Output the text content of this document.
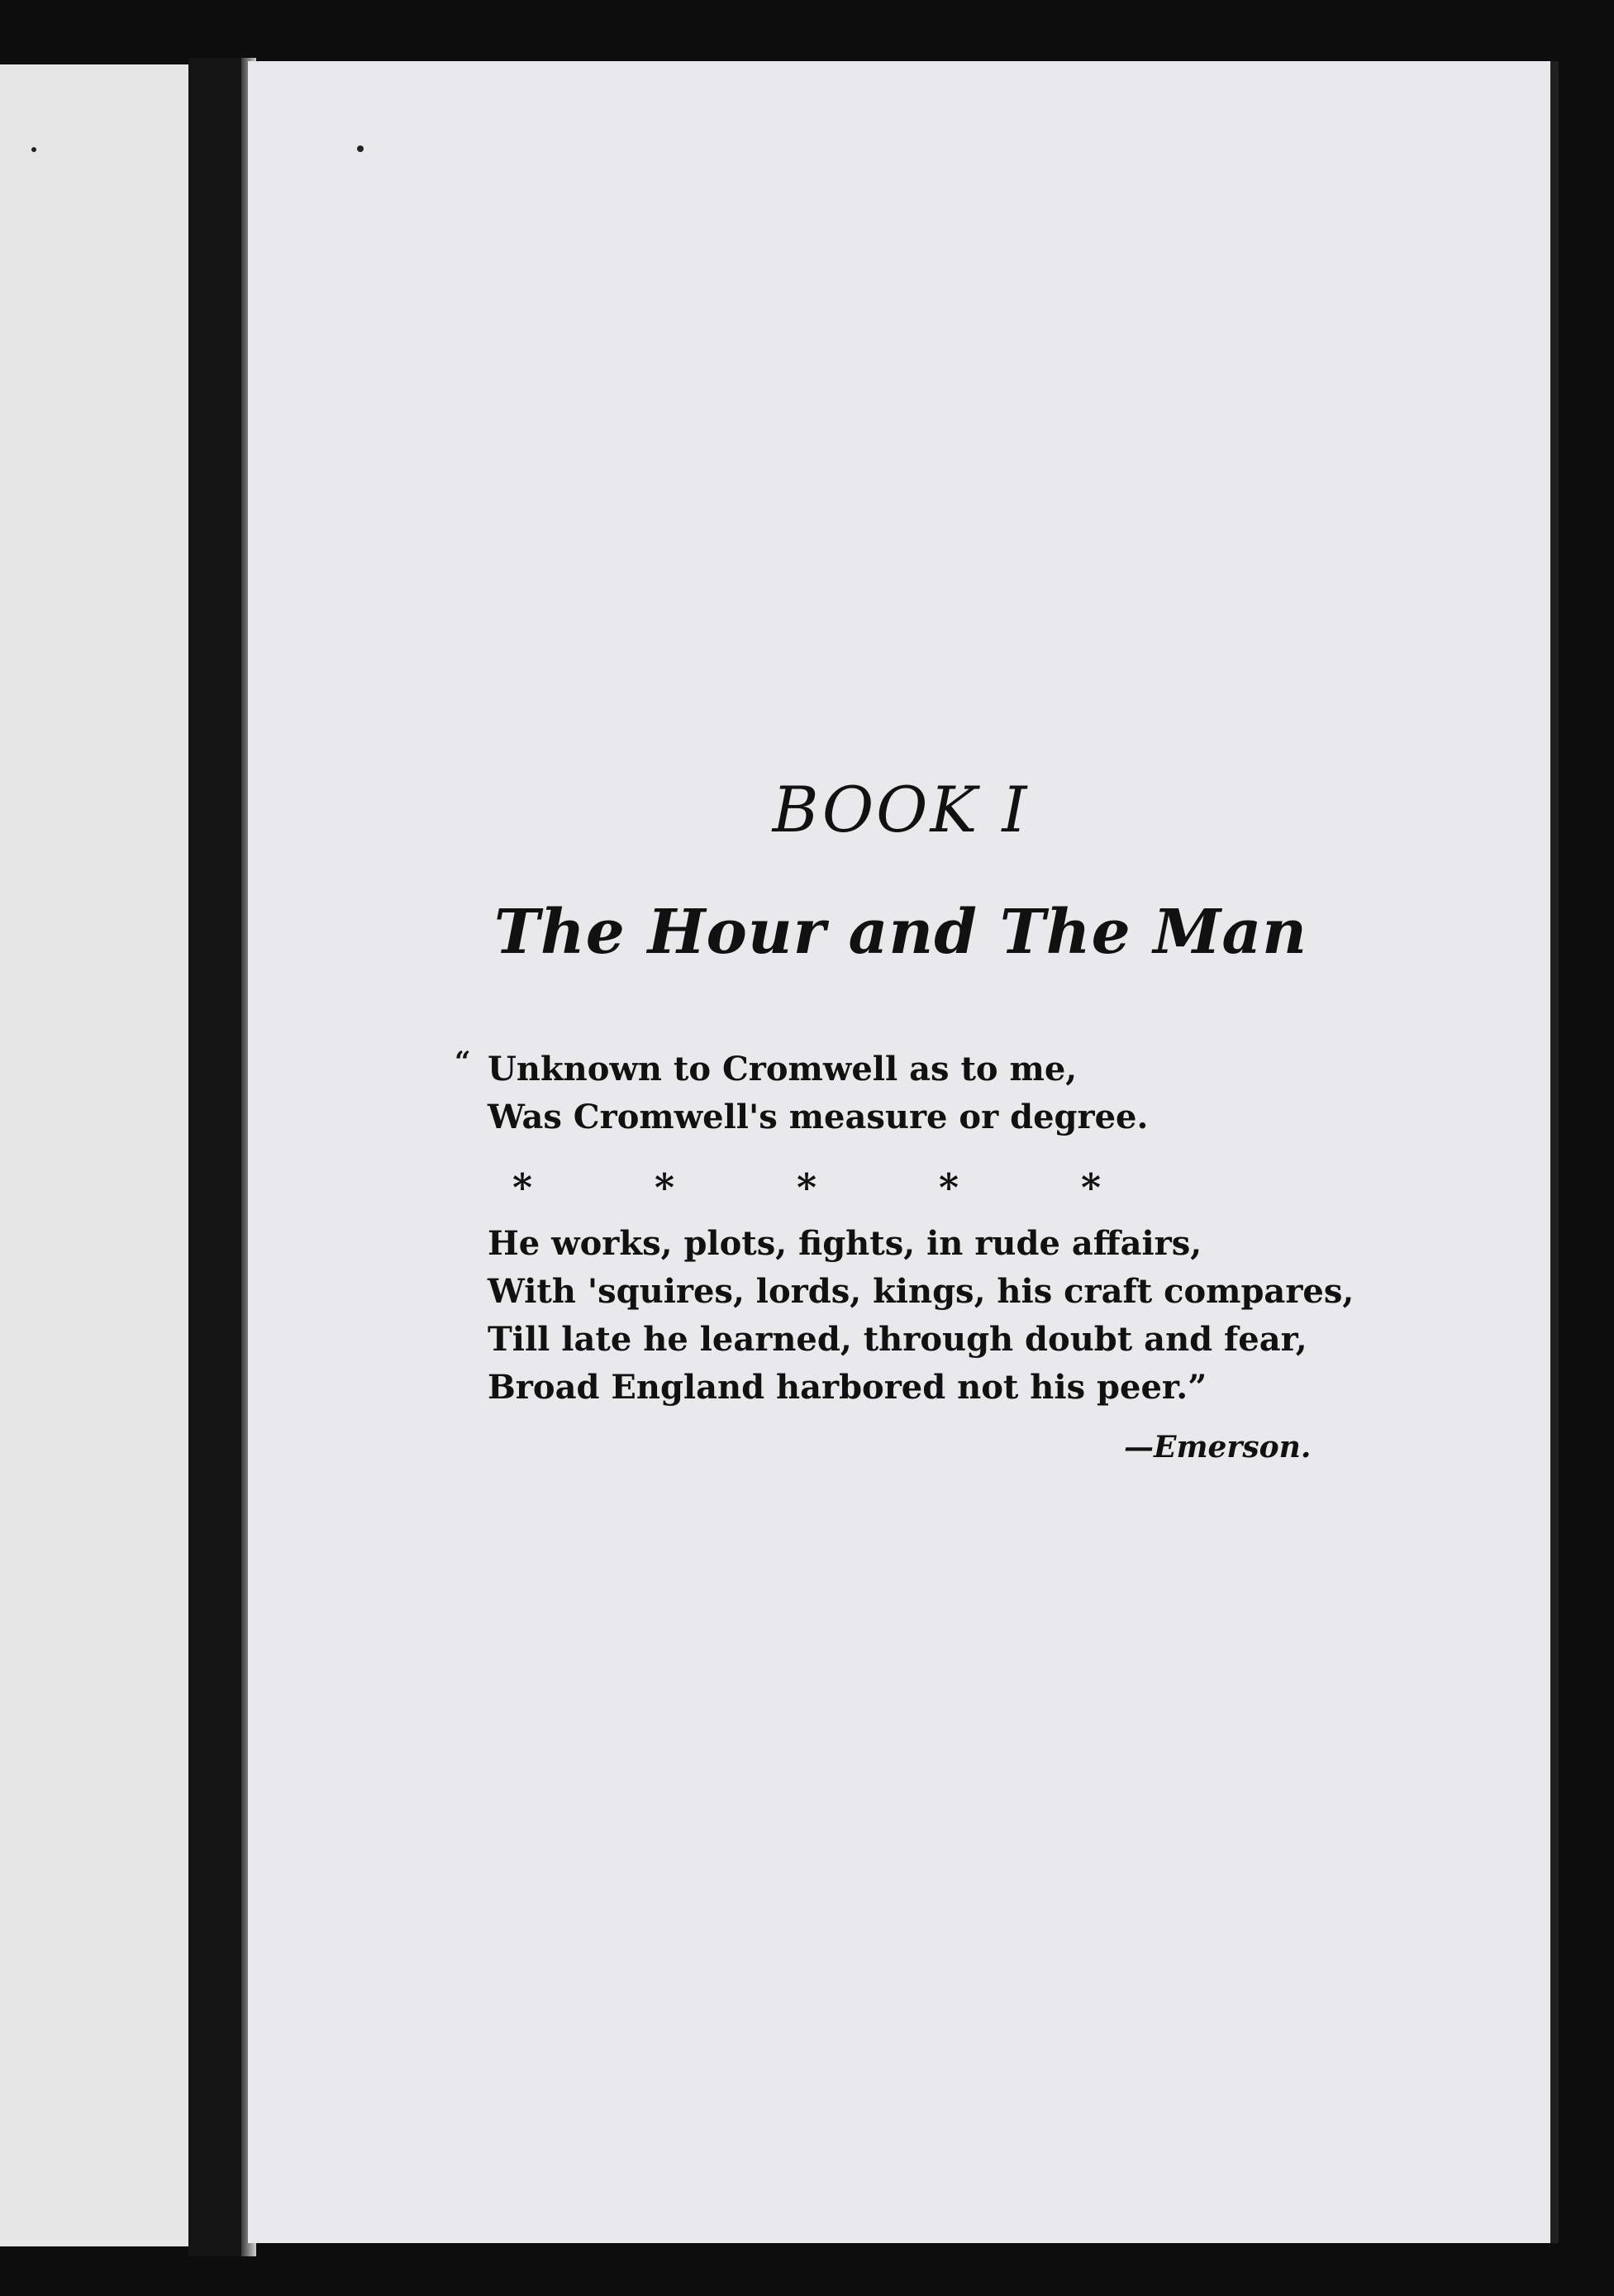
BOOK I
The Hour and The Man
“ Unknown to Cromwell as to me,
Was Cromwell's measure or degree.
*	*	*	*	*
He works, plots, fights, in rude affairs,
With 'squires, lords, kings, his craft compares,
Till late he learned, through doubt and fear,
Broad England harbored not his peer.”
—Emerson.
